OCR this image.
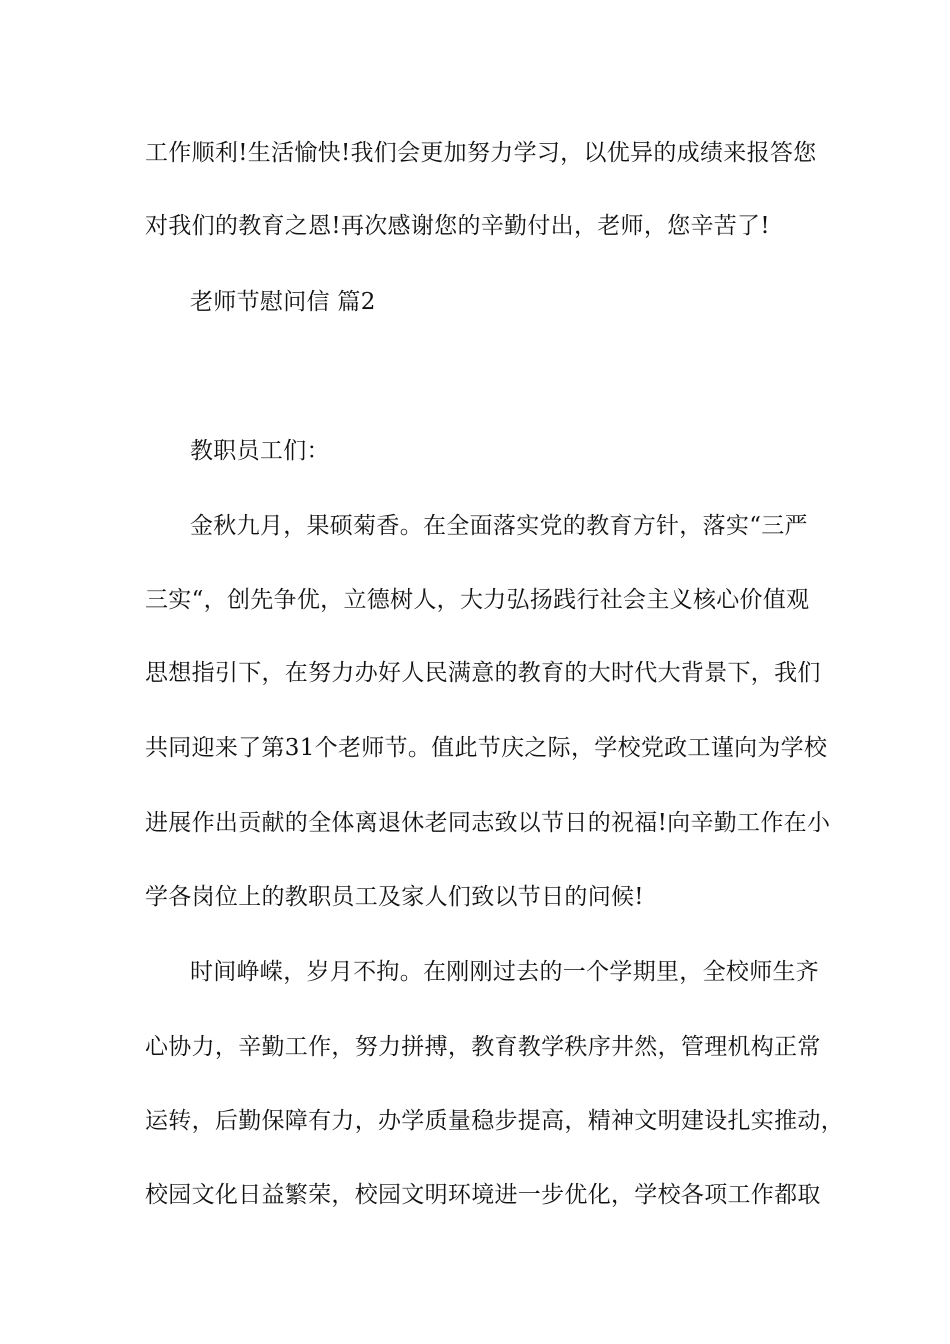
工作顺利!生活愉快!我们会更加努力学习，以优异的成绩来报答您
对我们的教育之恩!再次感谢您的辛勤付出，老师，您辛苦了!
老师节慰问信 篇2
教职员工们：
金秋九月，果硕菊香。在全面落实党的教育方针，落实“三严
三实“，创先争优，立德树人，大力弘扬践行社会主义核心价值观
思想指引下，在努力办好人民满意的教育的大时代大背景下，我们
共同迎来了第31个老师节。值此节庆之际，学校党政工谨向为学校
进展作出贡献的全体离退休老同志致以节日的祝福!向辛勤工作在小
学各岗位上的教职员工及家人们致以节日的问候!
时间峥嵘，岁月不拘。在刚刚过去的一个学期里，全校师生齐
心协力，辛勤工作，努力拼搏，教育教学秩序井然，管理机构正常
运转，后勤保障有力，办学质量稳步提高，精神文明建设扎实推动，
校园文化日益繁荣，校园文明环境进一步优化，学校各项工作都取
